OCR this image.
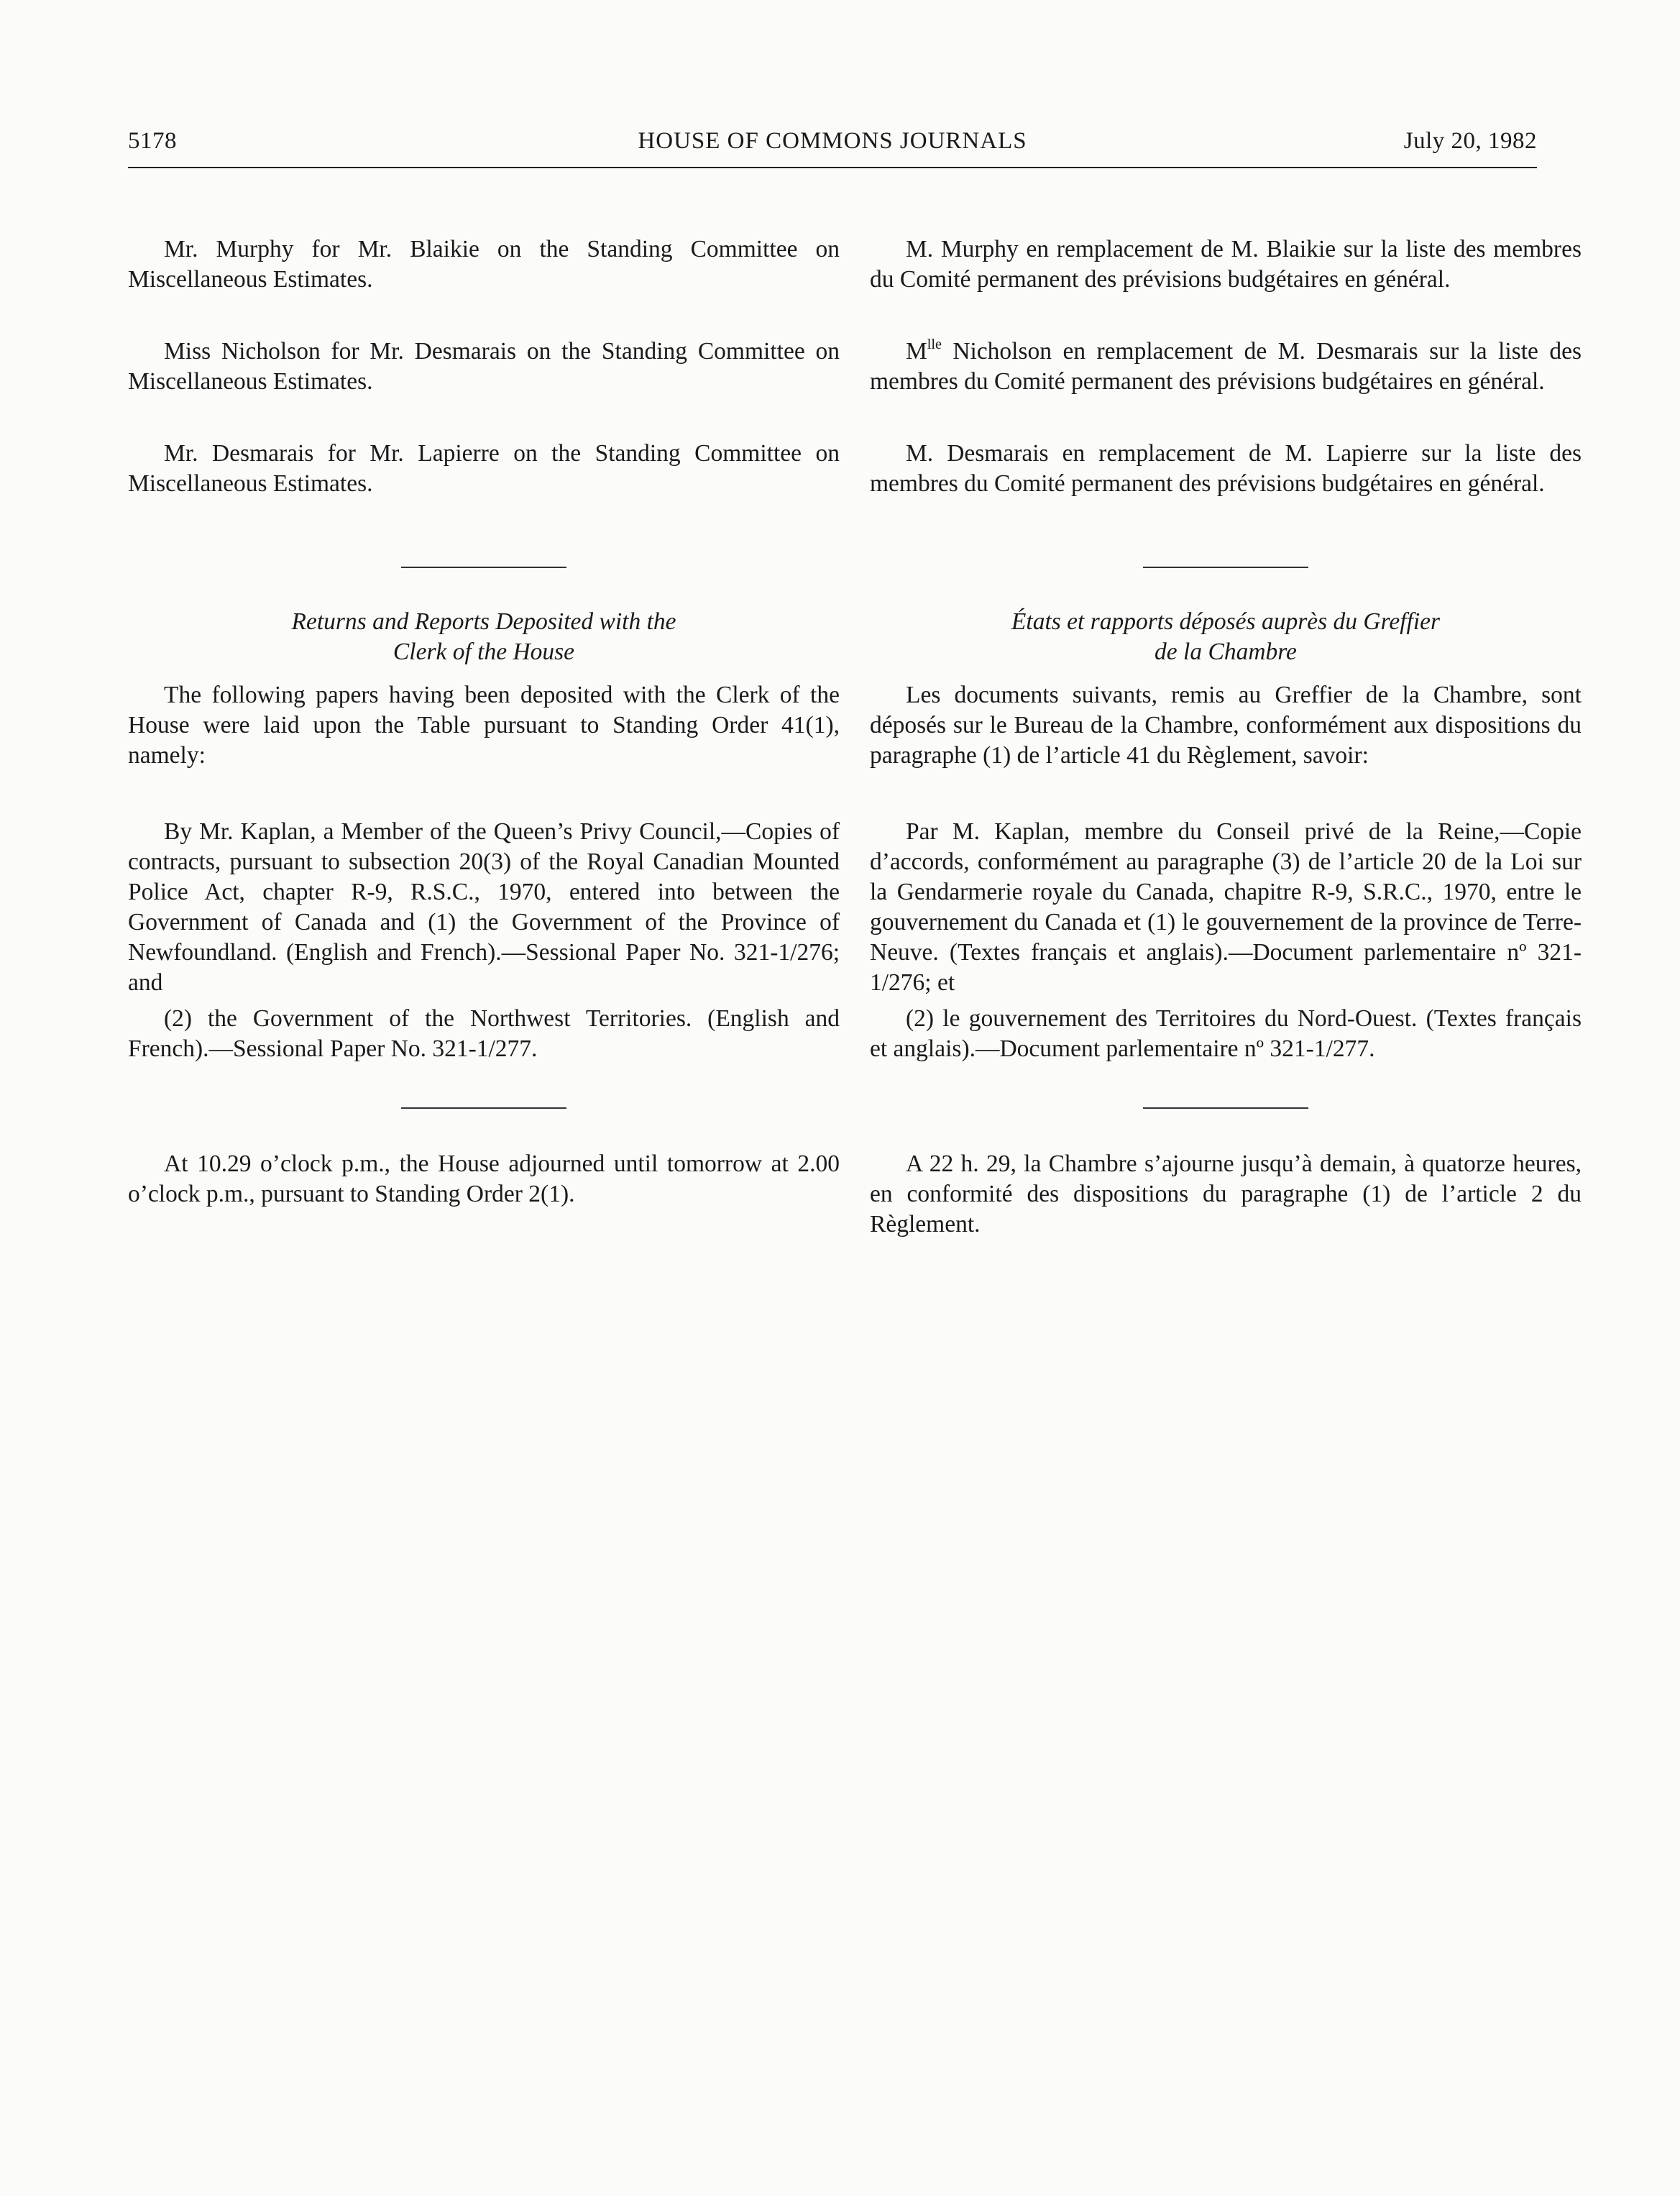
5178	HOUSE OF COMMONS JOURNALS	July 20, 1982

Mr. Murphy for Mr. Blaikie on the Standing Committee on Miscellaneous Estimates.

Miss Nicholson for Mr. Desmarais on the Standing Committee on Miscellaneous Estimates.

Mr. Desmarais for Mr. Lapierre on the Standing Committee on Miscellaneous Estimates.

Returns and Reports Deposited with the
Clerk of the House

The following papers having been deposited with the Clerk of the House were laid upon the Table pursuant to Standing Order 41(1), namely:

By Mr. Kaplan, a Member of the Queen’s Privy Council,—Copies of contracts, pursuant to subsection 20(3) of the Royal Canadian Mounted Police Act, chapter R-9, R.S.C., 1970, entered into between the Government of Canada and (1) the Government of the Province of Newfoundland. (English and French).—Sessional Paper No. 321-1/276; and

(2) the Government of the Northwest Territories. (English and French).—Sessional Paper No. 321-1/277.

At 10.29 o’clock p.m., the House adjourned until tomorrow at 2.00 o’clock p.m., pursuant to Standing Order 2(1).

M. Murphy en remplacement de M. Blaikie sur la liste des membres du Comité permanent des prévisions budgétaires en général.

$M^{lle}$ Nicholson en remplacement de M. Desmarais sur la liste des membres du Comité permanent des prévisions budgétaires en général.

M. Desmarais en remplacement de M. Lapierre sur la liste des membres du Comité permanent des prévisions budgétaires en général.

États et rapports déposés auprès du Greffier
de la Chambre

Les documents suivants, remis au Greffier de la Chambre, sont déposés sur le Bureau de la Chambre, conformément aux dispositions du paragraphe (1) de l’article 41 du Règlement, savoir:

Par M. Kaplan, membre du Conseil privé de la Reine,—Copie d’accords, conformément au paragraphe (3) de l’article 20 de la Loi sur la Gendarmerie royale du Canada, chapitre R-9, S.R.C., 1970, entre le gouvernement du Canada et (1) le gouvernement de la province de Terre-Neuve. (Textes français et anglais).—Document parlementaire nº 321-1/276; et

(2) le gouvernement des Territoires du Nord-Ouest. (Textes français et anglais).—Document parlementaire nº 321-1/277.

A 22 h. 29, la Chambre s’ajourne jusqu’à demain, à quatorze heures, en conformité des dispositions du paragraphe (1) de l’article 2 du Règlement.
